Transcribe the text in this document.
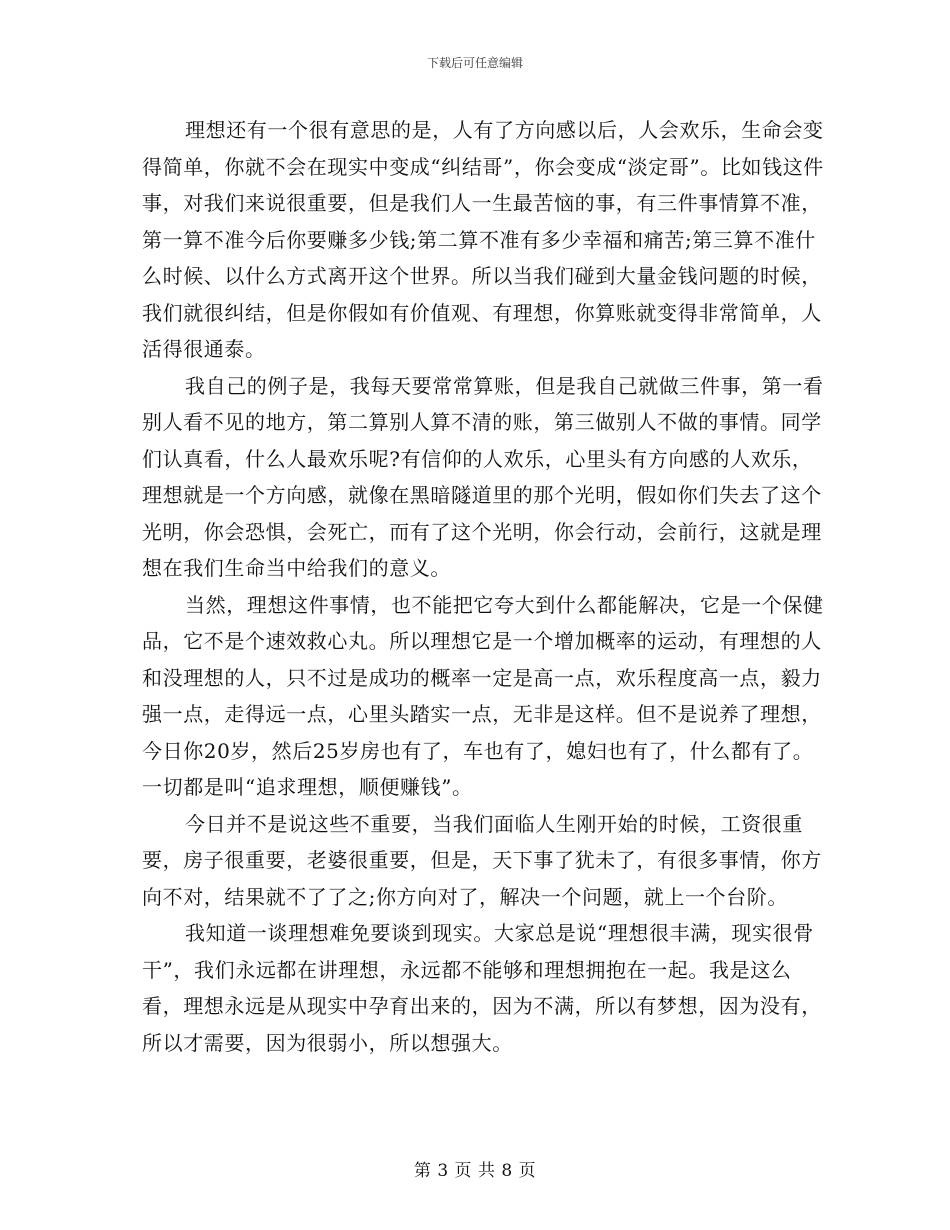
下载后可任意编辑

理想还有一个很有意思的是，人有了方向感以后，人会欢乐，生命会变得简单，你就不会在现实中变成“纠结哥”，你会变成“淡定哥”。比如钱这件事，对我们来说很重要，但是我们人一生最苦恼的事，有三件事情算不准，第一算不准今后你要赚多少钱;第二算不准有多少幸福和痛苦;第三算不准什么时候、以什么方式离开这个世界。所以当我们碰到大量金钱问题的时候，我们就很纠结，但是你假如有价值观、有理想，你算账就变得非常简单，人活得很通泰。

我自己的例子是，我每天要常常算账，但是我自己就做三件事，第一看别人看不见的地方，第二算别人算不清的账，第三做别人不做的事情。同学们认真看，什么人最欢乐呢?有信仰的人欢乐，心里头有方向感的人欢乐，理想就是一个方向感，就像在黑暗隧道里的那个光明，假如你们失去了这个光明，你会恐惧，会死亡，而有了这个光明，你会行动，会前行，这就是理想在我们生命当中给我们的意义。

当然，理想这件事情，也不能把它夸大到什么都能解决，它是一个保健品，它不是个速效救心丸。所以理想它是一个增加概率的运动，有理想的人和没理想的人，只不过是成功的概率一定是高一点，欢乐程度高一点，毅力强一点，走得远一点，心里头踏实一点，无非是这样。但不是说养了理想，今日你20岁，然后25岁房也有了，车也有了，媳妇也有了，什么都有了。一切都是叫“追求理想，顺便赚钱”。

今日并不是说这些不重要，当我们面临人生刚开始的时候，工资很重要，房子很重要，老婆很重要，但是，天下事了犹未了，有很多事情，你方向不对，结果就不了了之;你方向对了，解决一个问题，就上一个台阶。

我知道一谈理想难免要谈到现实。大家总是说“理想很丰满，现实很骨干”，我们永远都在讲理想，永远都不能够和理想拥抱在一起。我是这么看，理想永远是从现实中孕育出来的，因为不满，所以有梦想，因为没有，所以才需要，因为很弱小，所以想强大。

第 3 页 共 8 页
